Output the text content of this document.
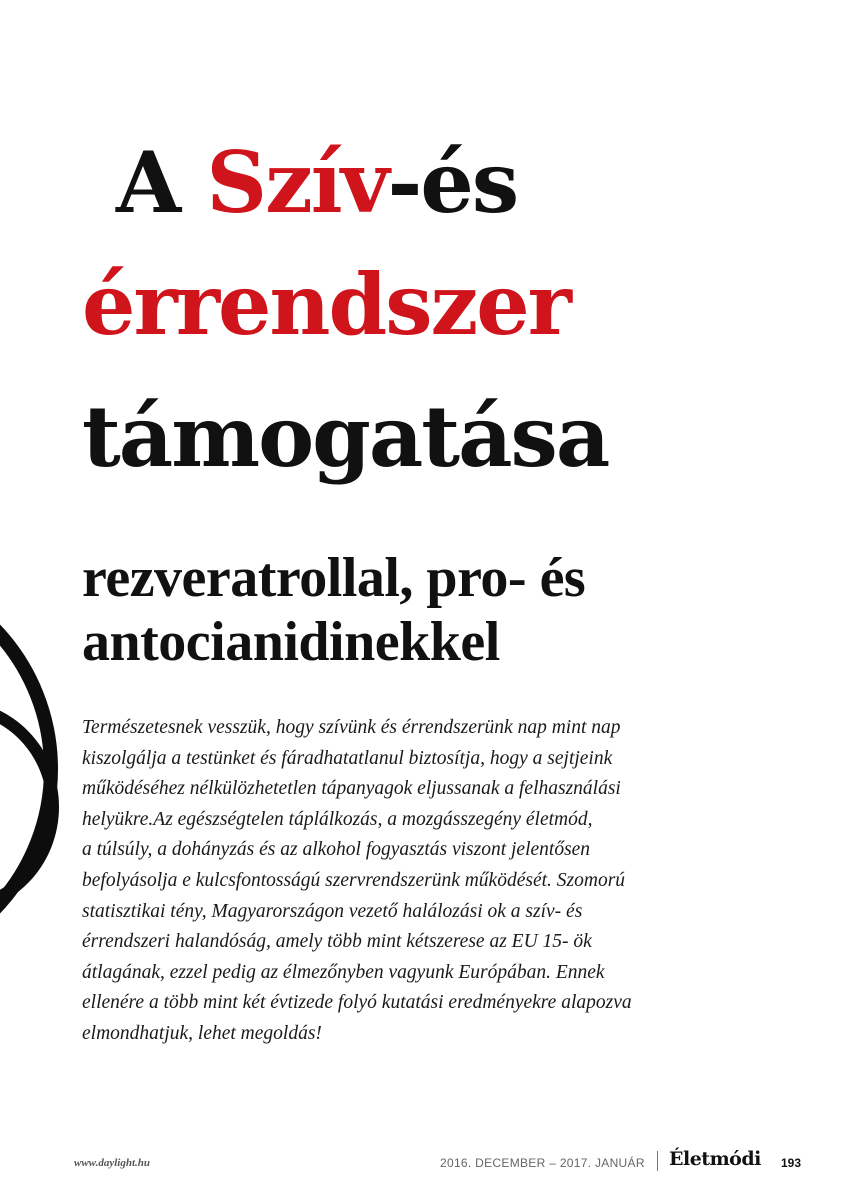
A Szív-és
érrendszer
támogatása
rezveratrollal, pro- és
antocianidinekkel
Természetesnek vesszük, hogy szívünk és érrendszerünk nap mint nap
kiszolgálja a testünket és fáradhatatlanul biztosítja, hogy a sejtjeink
működéséhez nélkülözhetetlen tápanyagok eljussanak a felhasználási
helyükre.Az egészségtelen táplálkozás, a mozgásszegény életmód,
a túlsúly, a dohányzás és az alkohol fogyasztás viszont jelentősen
befolyásolja e kulcsfontosságú szervrendszerünk működését. Szomorú
statisztikai tény, Magyarországon vezető halálozási ok a szív- és
érrendszeri halandóság, amely több mint kétszerese az EU 15- ök
átlagának, ezzel pedig az élmezőnyben vagyunk Európában. Ennek
ellenére a több mint két évtizede folyó kutatási eredményekre alapozva
elmondhatjuk, lehet megoldás!
www.daylight.hu	2016. DECEMBER – 2017. JANUÁR Életmódi 193
